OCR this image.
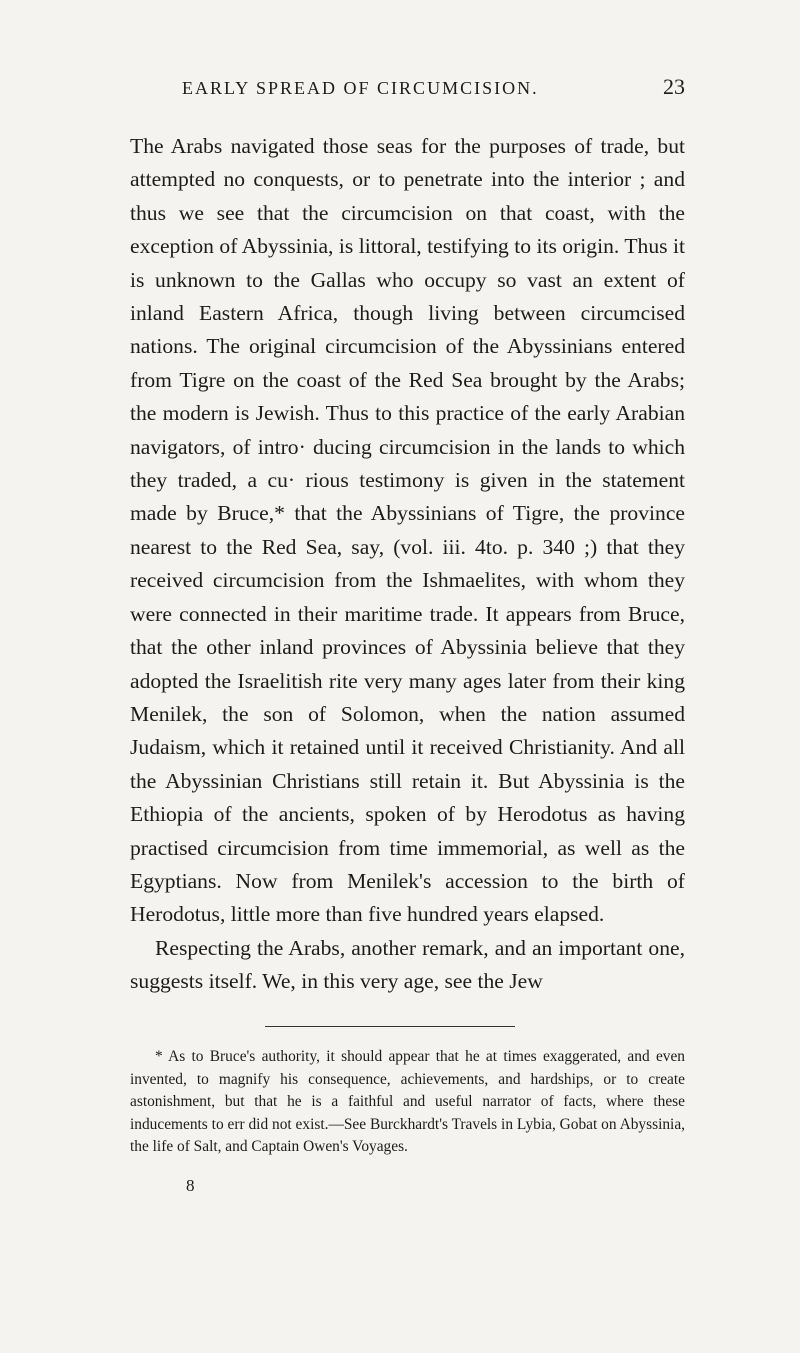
EARLY SPREAD OF CIRCUMCISION.	23

The Arabs navigated those seas for the purposes of trade, but attempted no conquests, or to penetrate into the interior ; and thus we see that the circumcision on that coast, with the exception of Abyssinia, is littoral, testifying to its origin. Thus it is unknown to the Gallas who occupy so vast an extent of inland Eastern Africa, though living between circumcised nations. The original circumcision of the Abyssinians entered from Tigre on the coast of the Red Sea brought by the Arabs; the modern is Jewish. Thus to this practice of the early Arabian navigators, of intro· ducing circumcision in the lands to which they traded, a cu· rious testimony is given in the statement made by Bruce,* that the Abyssinians of Tigre, the province nearest to the Red Sea, say, (vol. iii. 4to. p. 340 ;) that they received circumcision from the Ishmaelites, with whom they were connected in their maritime trade. It appears from Bruce, that the other inland provinces of Abyssinia believe that they adopted the Israelitish rite very many ages later from their king Menilek, the son of Solomon, when the nation assumed Judaism, which it retained until it received Christianity. And all the Abyssinian Christians still retain it. But Abyssinia is the Ethiopia of the ancients, spoken of by Herodotus as having practised circumcision from time immemorial, as well as the Egyptians. Now from Menilek's accession to the birth of Herodotus, little more than five hundred years elapsed.

Respecting the Arabs, another remark, and an important one, suggests itself. We, in this very age, see the Jew

* As to Bruce's authority, it should appear that he at times exaggerated, and even invented, to magnify his consequence, achievements, and hardships, or to create astonishment, but that he is a faithful and useful narrator of facts, where these inducements to err did not exist.—See Burckhardt's Travels in Lybia, Gobat on Abyssinia, the life of Salt, and Captain Owen's Voyages.
8
